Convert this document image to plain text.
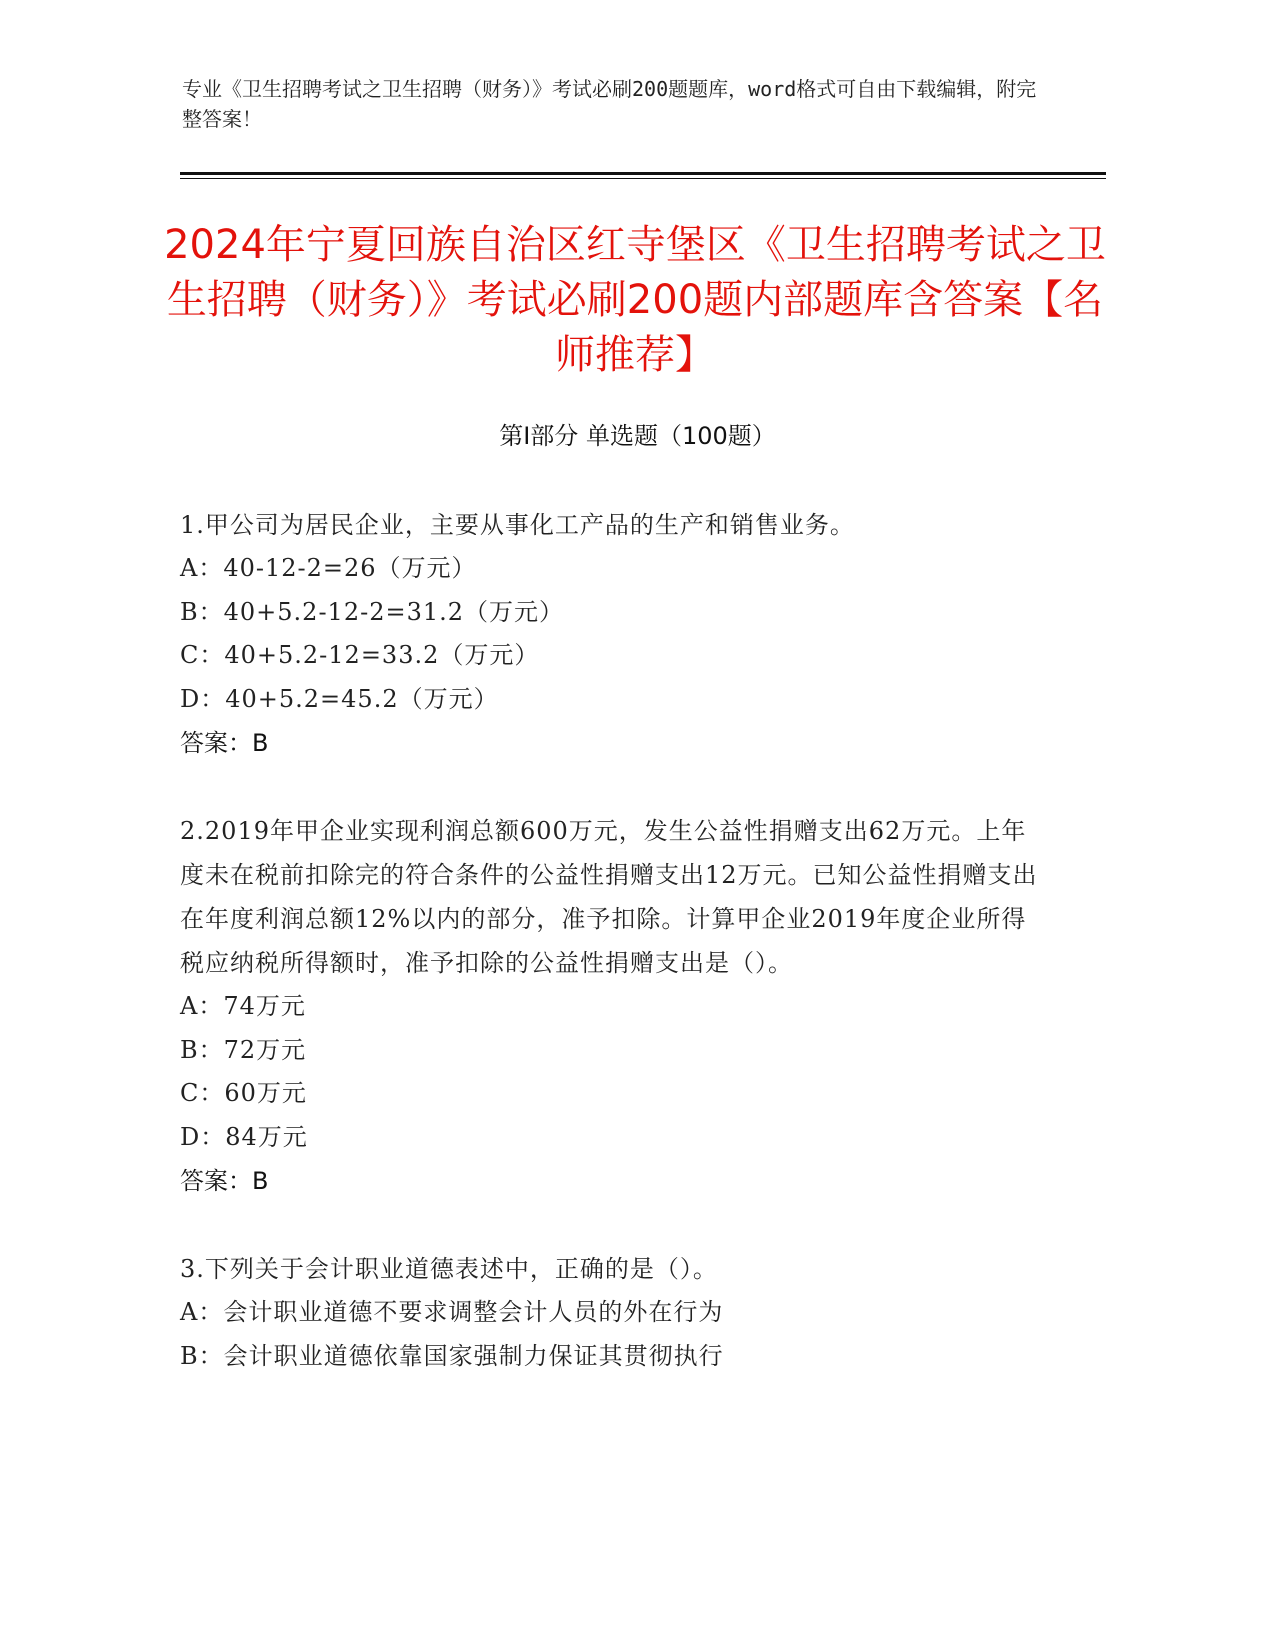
专业《卫生招聘考试之卫生招聘（财务）》考试必刷200题题库，word格式可自由下载编辑，附完整答案！
2024年宁夏回族自治区红寺堡区《卫生招聘考试之卫生招聘（财务）》考试必刷200题内部题库含答案【名师推荐】
第I部分 单选题（100题）

1.甲公司为居民企业，主要从事化工产品的生产和销售业务。

A：40-12-2=26（万元）

B：40+5.2-12-2=31.2（万元）

C：40+5.2-12=33.2（万元）

D：40+5.2=45.2（万元）

答案：B

2.2019年甲企业实现利润总额600万元，发生公益性捐赠支出62万元。上年度未在税前扣除完的符合条件的公益性捐赠支出12万元。已知公益性捐赠支出在年度利润总额12%以内的部分，准予扣除。计算甲企业2019年度企业所得税应纳税所得额时，准予扣除的公益性捐赠支出是（）。

A：74万元

B：72万元

C：60万元

D：84万元

答案：B

3.下列关于会计职业道德表述中，正确的是（）。

A：会计职业道德不要求调整会计人员的外在行为

B：会计职业道德依靠国家强制力保证其贯彻执行
